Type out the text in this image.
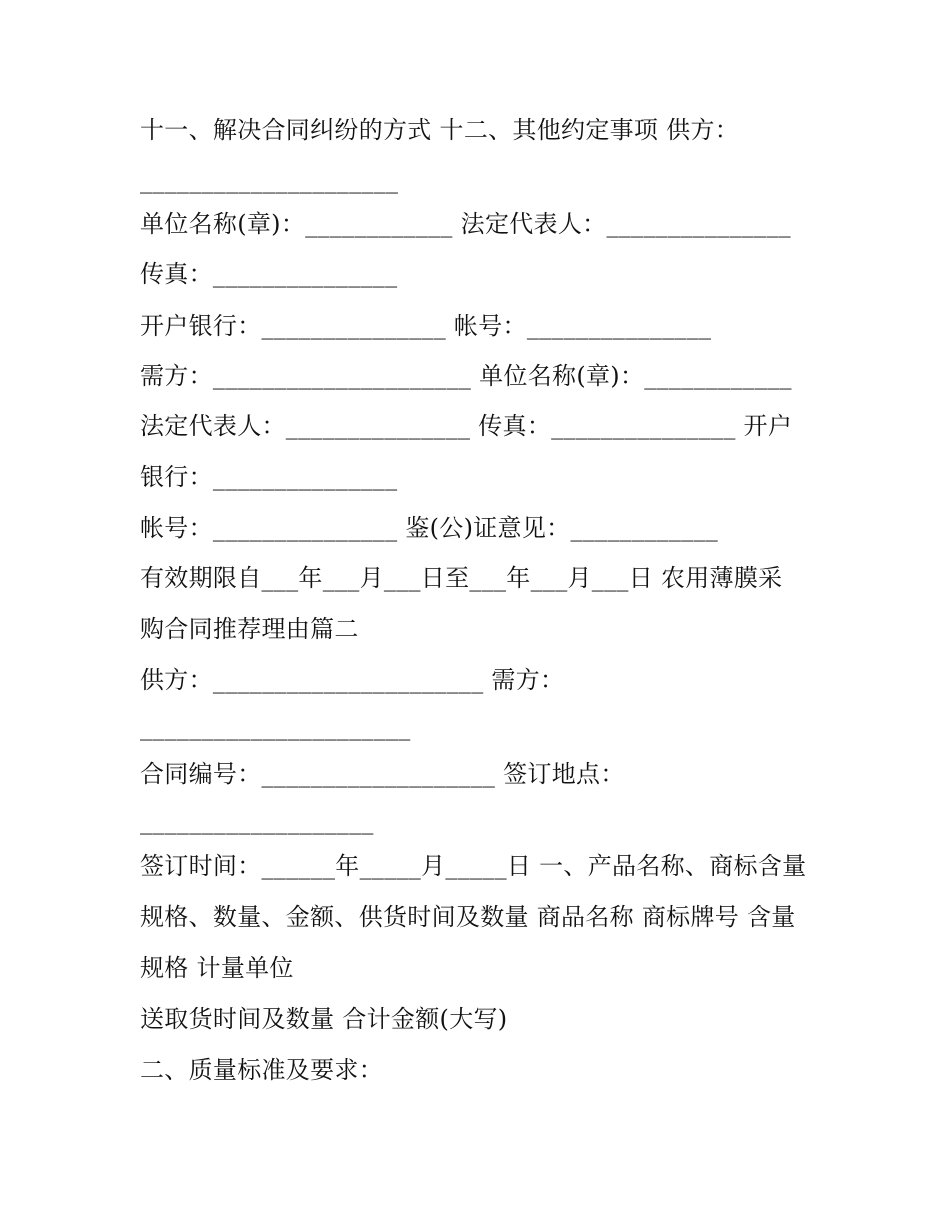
十一、解决合同纠纷的方式 十二、其他约定事项 供方：
_____________________
单位名称(章)：____________ 法定代表人：_______________
传真：_______________
开户银行：_______________ 帐号：_______________
需方：_____________________ 单位名称(章)：____________
法定代表人：_______________ 传真：_______________ 开户
银行：_______________
帐号：_______________ 鉴(公)证意见：____________
有效期限自___年___月___日至___年___月___日 农用薄膜采
购合同推荐理由篇二
供方：______________________ 需方：
______________________
合同编号：___________________ 签订地点：
___________________
签订时间：______年_____月_____日 一、产品名称、商标含量
规格、数量、金额、供货时间及数量 商品名称 商标牌号 含量
规格 计量单位
送取货时间及数量 合计金额(大写)
二、质量标准及要求：
